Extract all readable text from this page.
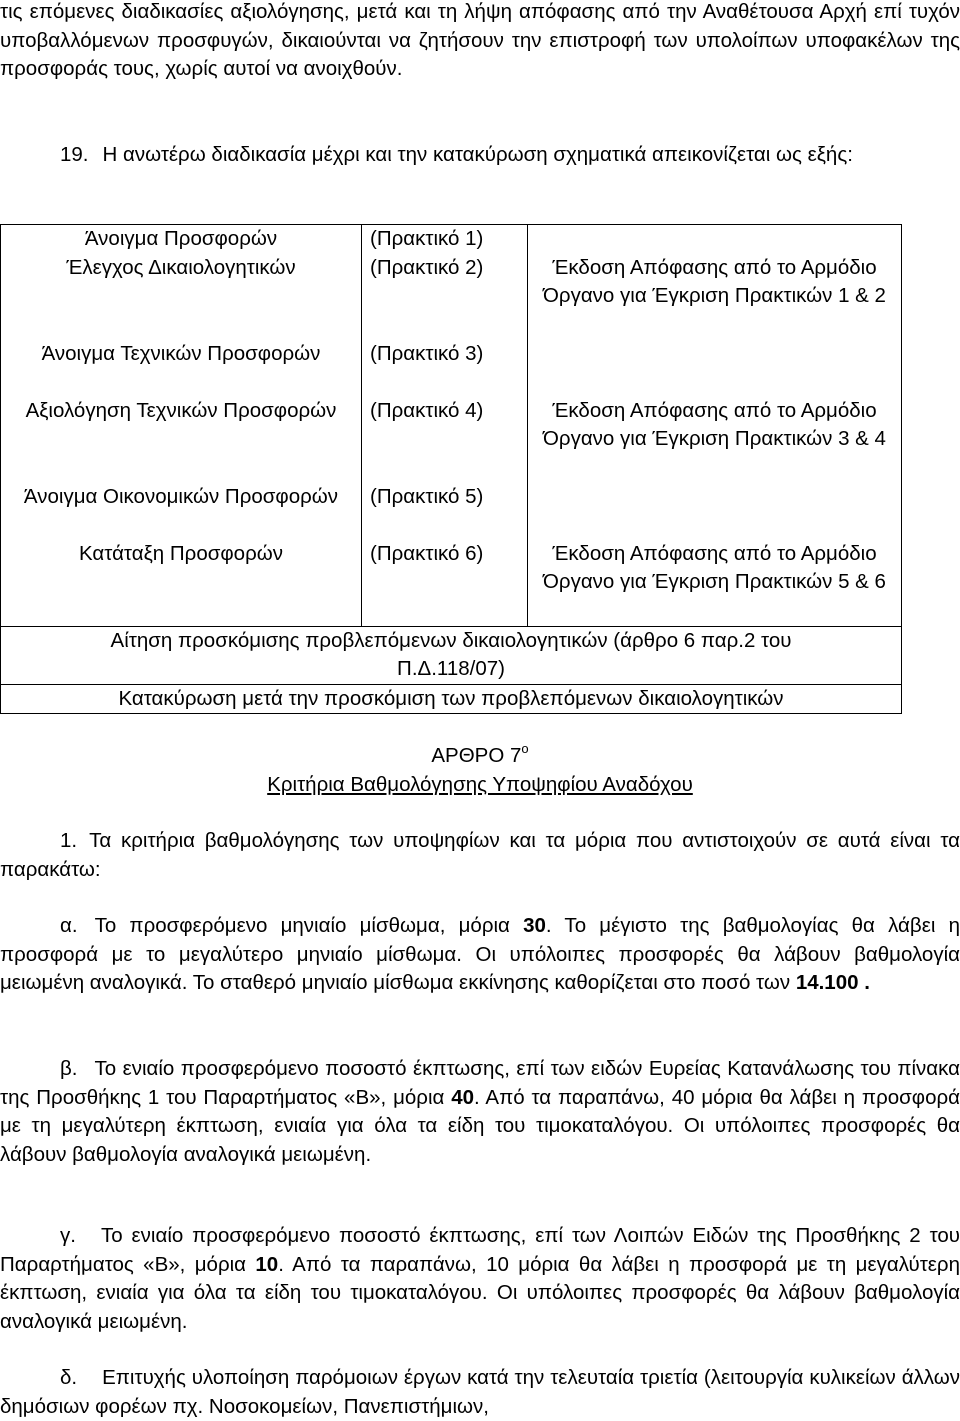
τις επόμενες διαδικασίες αξιολόγησης, μετά και τη λήψη απόφασης από την Αναθέτουσα Αρχή επί τυχόν υποβαλλόμενων προσφυγών, δικαιούνται να ζητήσουν την επιστροφή των υπολοίπων υποφακέλων της προσφοράς τους, χωρίς αυτοί να ανοιχθούν.

19. Η ανωτέρω διαδικασία μέχρι και την κατακύρωση σχηματικά απεικονίζεται ως εξής:

Άνοιγμα Προσφορών	(Πρακτικό 1)	
Έλεγχος Δικαιολογητικών	(Πρακτικό 2)	Έκδοση Απόφασης από το Αρμόδιο Όργανο για Έγκριση Πρακτικών 1 & 2
Άνοιγμα Τεχνικών Προσφορών	(Πρακτικό 3)	
Αξιολόγηση Τεχνικών Προσφορών	(Πρακτικό 4)	Έκδοση Απόφασης από το Αρμόδιο Όργανο για Έγκριση Πρακτικών 3 & 4
Άνοιγμα Οικονομικών Προσφορών	(Πρακτικό 5)	
Κατάταξη Προσφορών	(Πρακτικό 6)	Έκδοση Απόφασης από το Αρμόδιο Όργανο για Έγκριση Πρακτικών 5 & 6
Αίτηση προσκόμισης προβλεπόμενων δικαιολογητικών (άρθρο 6 παρ.2 του Π.Δ.118/07)		
Κατακύρωση μετά την προσκόμιση των προβλεπόμενων δικαιολογητικών		
ΑΡΘΡΟ $7^o$
Κριτήρια Βαθμολόγησης Υποψηφίου Αναδόχου

1. Τα κριτήρια βαθμολόγησης των υποψηφίων και τα μόρια που αντιστοιχούν σε αυτά είναι τα παρακάτω:

α. Το προσφερόμενο μηνιαίο μίσθωμα, μόρια 30. Το μέγιστο της βαθμολογίας θα λάβει η προσφορά με το μεγαλύτερο μηνιαίο μίσθωμα. Οι υπόλοιπες προσφορές θα λάβουν βαθμολογία μειωμένη αναλογικά. Το σταθερό μηνιαίο μίσθωμα εκκίνησης καθορίζεται στο ποσό των 14.100 .

β. Το ενιαίο προσφερόμενο ποσοστό έκπτωσης, επί των ειδών Ευρείας Κατανάλωσης του πίνακα της Προσθήκης 1 του Παραρτήματος «Β», μόρια 40. Από τα παραπάνω, 40 μόρια θα λάβει η προσφορά με τη μεγαλύτερη έκπτωση, ενιαία για όλα τα είδη του τιμοκαταλόγου. Οι υπόλοιπες προσφορές θα λάβουν βαθμολογία αναλογικά μειωμένη.

γ. Το ενιαίο προσφερόμενο ποσοστό έκπτωσης, επί των Λοιπών Ειδών της Προσθήκης 2 του Παραρτήματος «Β», μόρια 10. Από τα παραπάνω, 10 μόρια θα λάβει η προσφορά με τη μεγαλύτερη έκπτωση, ενιαία για όλα τα είδη του τιμοκαταλόγου. Οι υπόλοιπες προσφορές θα λάβουν βαθμολογία αναλογικά μειωμένη.

δ. Επιτυχής υλοποίηση παρόμοιων έργων κατά την τελευταία τριετία (λειτουργία κυλικείων άλλων δημόσιων φορέων πχ. Νοσοκομείων, Πανεπιστήμιων,
